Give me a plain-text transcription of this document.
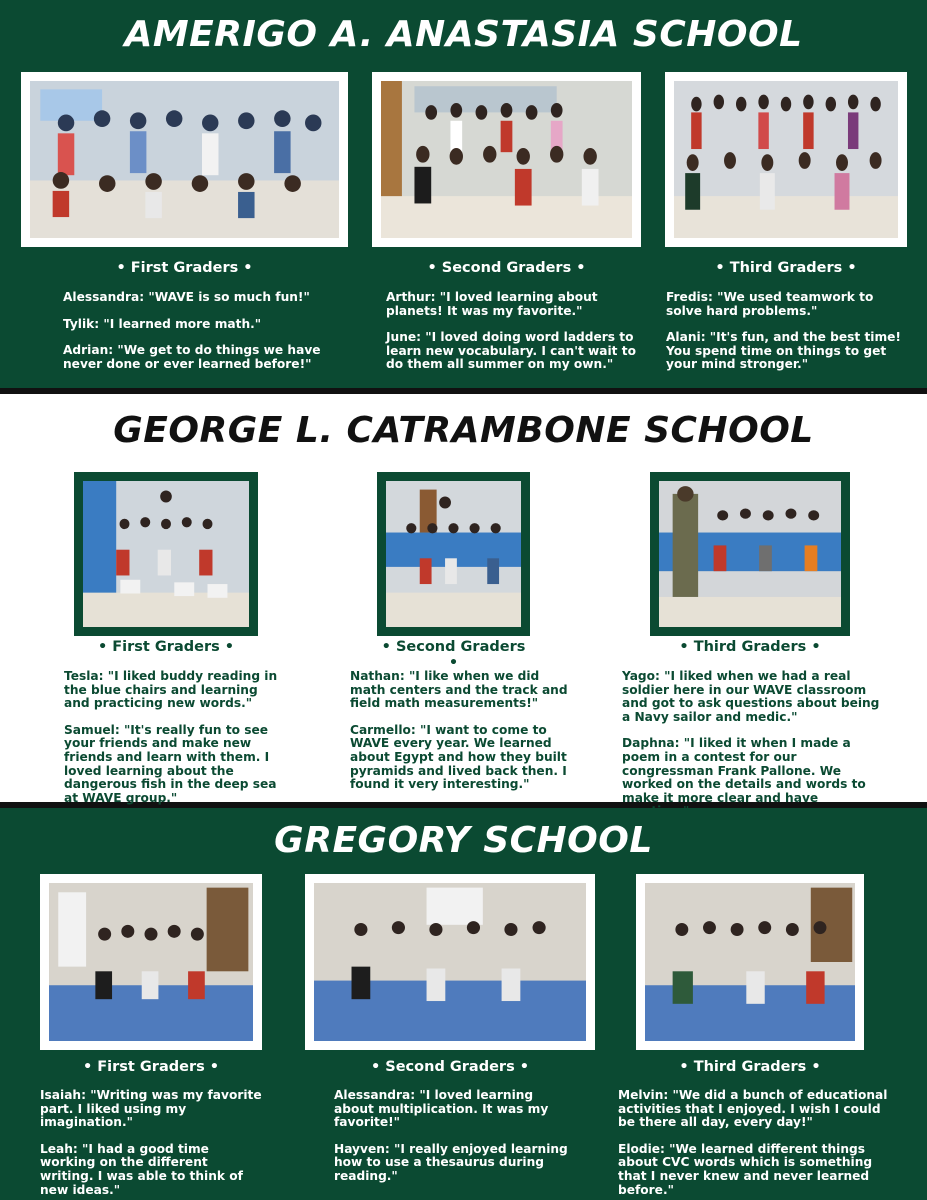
AMERIGO A. ANASTASIA SCHOOL
• First Graders •
Alessandra: "WAVE is so much fun!"
Tylik: "I learned more math."
Adrian: "We get to do things we have never done or ever learned before!"
• Second Graders •
Arthur: "I loved learning about planets! It was my favorite."
June: "I loved doing word ladders to learn new vocabulary. I can't wait to do them all summer on my own."
• Third Graders •
Fredis: "We used teamwork to solve hard problems."
Alani: "It's fun, and the best time! You spend time on things to get your mind stronger."
GEORGE L. CATRAMBONE SCHOOL
• First Graders •
Tesla: "I liked buddy reading in the blue chairs and learning and practicing new words."
Samuel: "It's really fun to see your friends and make new friends and learn with them. I loved learning about the dangerous fish in the deep sea at WAVE group."
• Second Graders •
Nathan: "I like when we did math centers and the track and field math measurements!"
Carmello: "I want to come to WAVE every year. We learned about Egypt and how they built pyramids and lived back then. I found it very interesting."
• Third Graders •
Yago: "I liked when we had a real soldier here in our WAVE classroom and got to ask questions about being a Navy sailor and medic."
Daphna: "I liked it when I made a poem in a contest for our congressman Frank Pallone. We worked on the details and words to make it more clear and have
GREGORY SCHOOL
• First Graders •
Isaiah: "Writing was my favorite part. I liked using my imagination."
Leah: "I had a good time working on the different writing. I was able to think of new ideas."
• Second Graders •
Alessandra: "I loved learning about multiplication. It was my favorite!"
Hayven: "I really enjoyed learning how to use a thesaurus during reading."
• Third Graders •
Melvin: "We did a bunch of educational activities that I enjoyed. I wish I could be there all day, every day!"
Elodie: "We learned different things about CVC words which is something that I never knew and never learned before."
